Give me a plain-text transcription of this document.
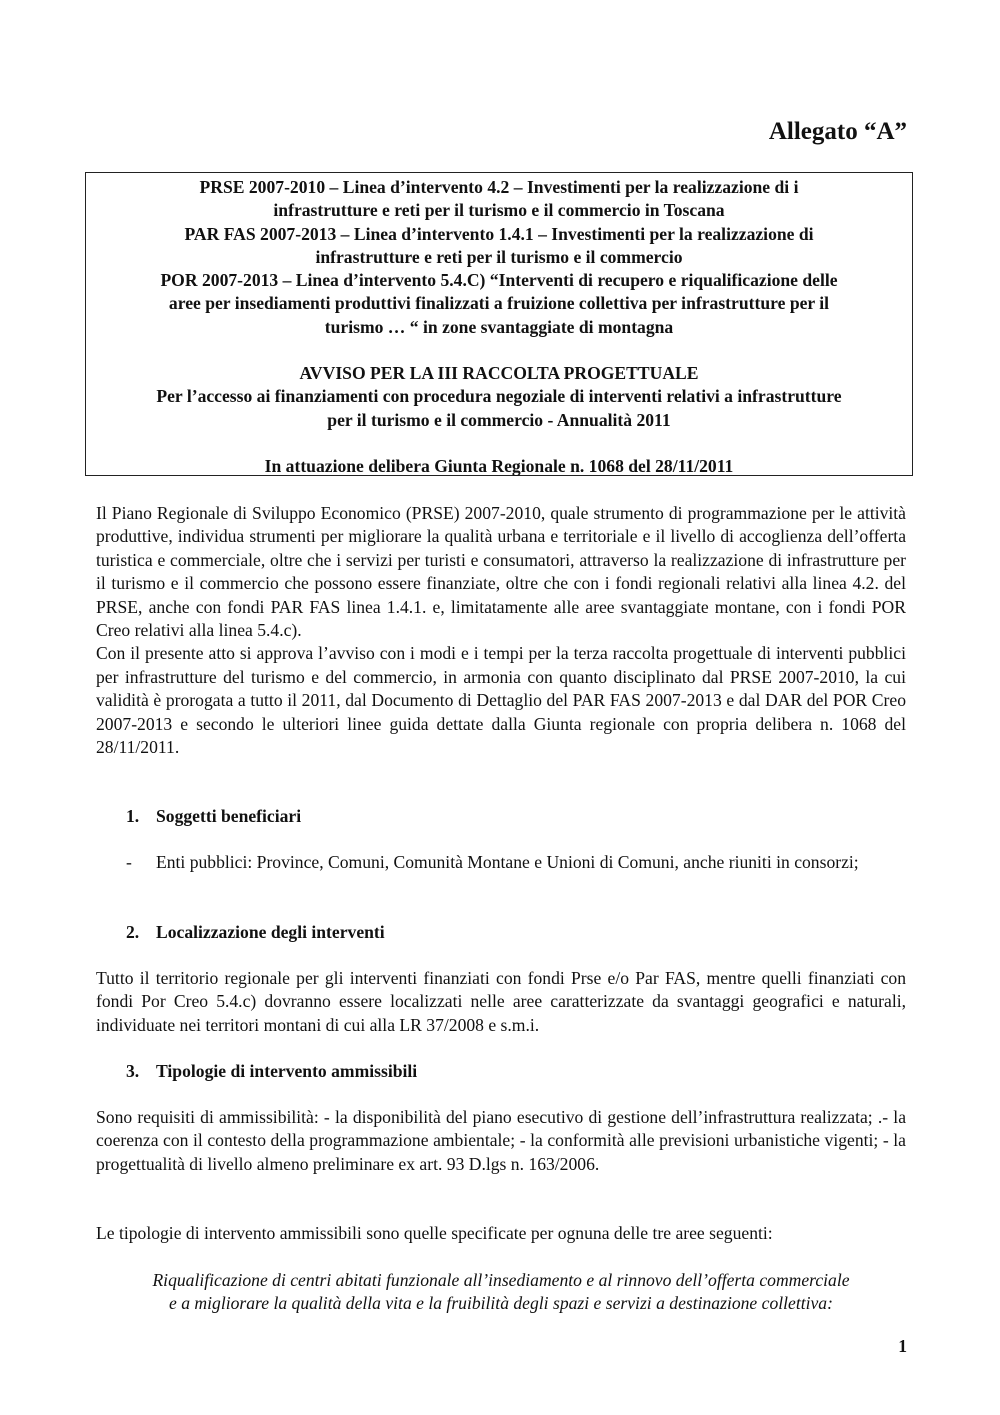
Allegato “A”

PRSE 2007-2010 – Linea d’intervento 4.2 – Investimenti per la realizzazione di i
infrastrutture e reti per il turismo e il commercio in Toscana
PAR FAS 2007-2013 – Linea d’intervento 1.4.1 – Investimenti per la realizzazione di
infrastrutture e reti per il turismo e il commercio
POR 2007-2013 – Linea d’intervento 5.4.C) “Interventi di recupero e riqualificazione delle
aree per insediamenti produttivi finalizzati a fruizione collettiva per infrastrutture per il
turismo … “ in zone svantaggiate di montagna
AVVISO PER LA III RACCOLTA PROGETTUALE
Per l’accesso ai finanziamenti con procedura negoziale di interventi relativi a infrastrutture
per il turismo e il commercio - Annualità 2011
In attuazione delibera Giunta Regionale n. 1068 del 28/11/2011

Il Piano Regionale di Sviluppo Economico (PRSE) 2007-2010, quale strumento di programmazione per le attività produttive, individua strumenti per migliorare la qualità urbana e territoriale e il livello di accoglienza dell’offerta turistica e commerciale, oltre che i servizi per turisti e consumatori, attraverso la realizzazione di infrastrutture per il turismo e il commercio che possono essere finanziate, oltre che con i fondi regionali relativi alla linea 4.2. del PRSE, anche con fondi PAR FAS linea 1.4.1. e, limitatamente alle aree svantaggiate montane, con i fondi POR Creo relativi alla linea 5.4.c).

Con il presente atto si approva l’avviso con i modi e i tempi per la terza raccolta progettuale di interventi pubblici per infrastrutture del turismo e del commercio, in armonia con quanto disciplinato dal PRSE 2007-2010, la cui validità è prorogata a tutto il 2011, dal Documento di Dettaglio del PAR FAS 2007-2013 e dal DAR del POR Creo 2007-2013 e secondo le ulteriori linee guida dettate dalla Giunta regionale con propria delibera n. 1068 del 28/11/2011.

1. Soggetti beneficiari

- Enti pubblici: Province, Comuni, Comunità Montane e Unioni di Comuni, anche riuniti in consorzi;

2. Localizzazione degli interventi

Tutto il territorio regionale per gli interventi finanziati con fondi Prse e/o Par FAS, mentre quelli finanziati con fondi Por Creo 5.4.c) dovranno essere localizzati nelle aree caratterizzate da svantaggi geografici e naturali, individuate nei territori montani di cui alla LR 37/2008 e s.m.i.

3. Tipologie di intervento ammissibili

Sono requisiti di ammissibilità: - la disponibilità del piano esecutivo di gestione dell’infrastruttura realizzata; .- la coerenza con il contesto della programmazione ambientale; - la conformità alle previsioni urbanistiche vigenti; - la progettualità di livello almeno preliminare ex art. 93 D.lgs n. 163/2006.

Le tipologie di intervento ammissibili sono quelle specificate per ognuna delle tre aree seguenti:

Riqualificazione di centri abitati funzionale all’insediamento e al rinnovo dell’offerta commerciale
e a migliorare la qualità della vita e la fruibilità degli spazi e servizi a destinazione collettiva:

1
